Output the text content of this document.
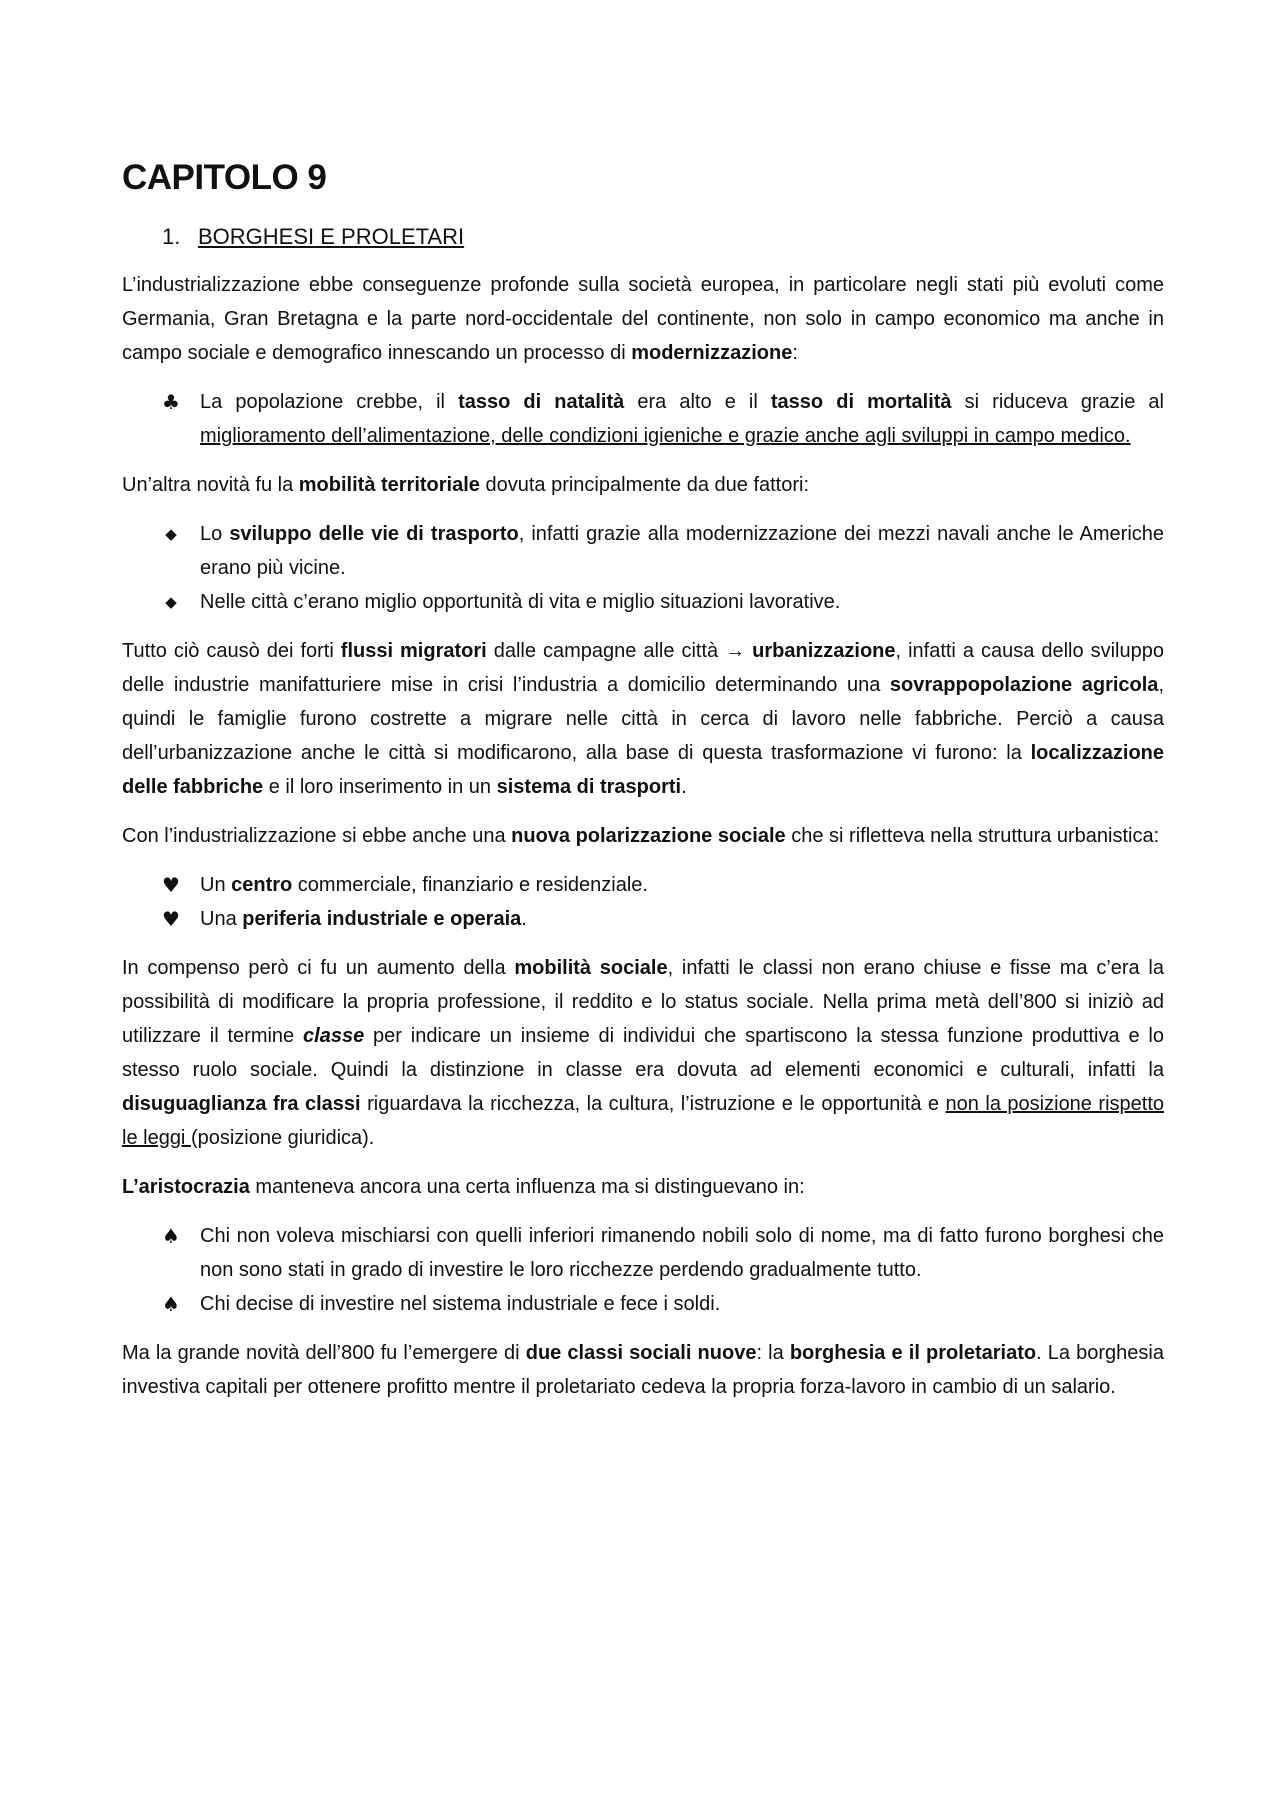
CAPITOLO 9
1. BORGHESI E PROLETARI

L’industrializzazione ebbe conseguenze profonde sulla società europea, in particolare negli stati più evoluti come Germania, Gran Bretagna e la parte nord-occidentale del continente, non solo in campo economico ma anche in campo sociale e demografico innescando un processo di modernizzazione:

♣ La popolazione crebbe, il tasso di natalità era alto e il tasso di mortalità si riduceva grazie al miglioramento dell’alimentazione, delle condizioni igieniche e grazie anche agli sviluppi in campo medico.

Un’altra novità fu la mobilità territoriale dovuta principalmente da due fattori:

◆ Lo sviluppo delle vie di trasporto, infatti grazie alla modernizzazione dei mezzi navali anche le Americhe erano più vicine.
◆ Nelle città c’erano miglio opportunità di vita e miglio situazioni lavorative.

Tutto ciò causò dei forti flussi migratori dalle campagne alle città → urbanizzazione, infatti a causa dello sviluppo delle industrie manifatturiere mise in crisi l’industria a domicilio determinando una sovrappopolazione agricola, quindi le famiglie furono costrette a migrare nelle città in cerca di lavoro nelle fabbriche. Perciò a causa dell’urbanizzazione anche le città si modificarono, alla base di questa trasformazione vi furono: la localizzazione delle fabbriche e il loro inserimento in un sistema di trasporti.

Con l’industrializzazione si ebbe anche una nuova polarizzazione sociale che si rifletteva nella struttura urbanistica:

♥ Un centro commerciale, finanziario e residenziale.
♥ Una periferia industriale e operaia.

In compenso però ci fu un aumento della mobilità sociale, infatti le classi non erano chiuse e fisse ma c’era la possibilità di modificare la propria professione, il reddito e lo status sociale. Nella prima metà dell’800 si iniziò ad utilizzare il termine classe per indicare un insieme di individui che spartiscono la stessa funzione produttiva e lo stesso ruolo sociale. Quindi la distinzione in classe era dovuta ad elementi economici e culturali, infatti la disuguaglianza fra classi riguardava la ricchezza, la cultura, l’istruzione e le opportunità e non la posizione rispetto le leggi (posizione giuridica).

L’aristocrazia manteneva ancora una certa influenza ma si distinguevano in:

♠ Chi non voleva mischiarsi con quelli inferiori rimanendo nobili solo di nome, ma di fatto furono borghesi che non sono stati in grado di investire le loro ricchezze perdendo gradualmente tutto.
♠ Chi decise di investire nel sistema industriale e fece i soldi.

Ma la grande novità dell’800 fu l’emergere di due classi sociali nuove: la borghesia e il proletariato. La borghesia investiva capitali per ottenere profitto mentre il proletariato cedeva la propria forza-lavoro in cambio di un salario.
